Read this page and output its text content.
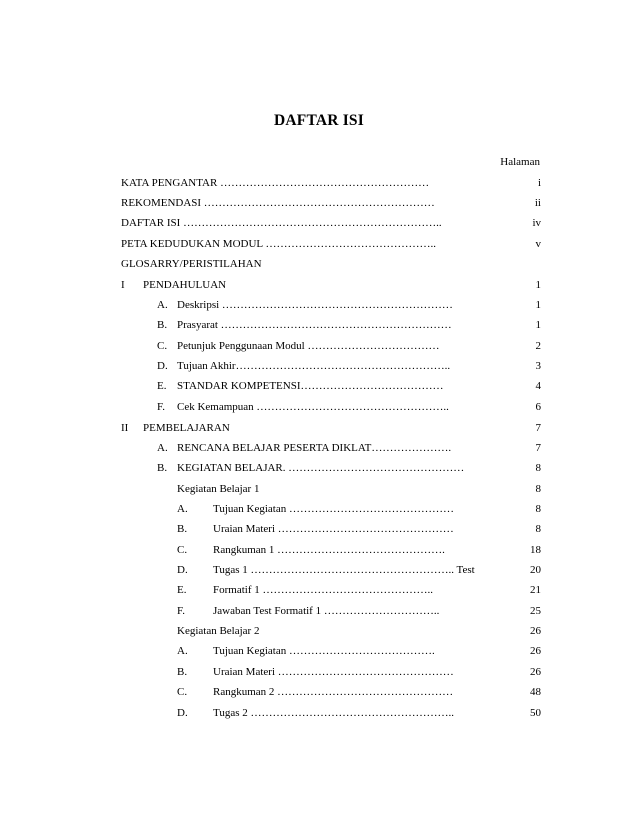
DAFTAR ISI
Halaman
KATA PENGANTAR …………………………………………………	i
REKOMENDASI ………………………………………………………	ii
DAFTAR ISI ……………………………………………………………..	iv
PETA KEDUDUKAN MODUL ………………………………………..	v
GLOSARRY/PERISTILAHAN
I	PENDAHULUAN	1
A. Deskripsi ………………………………………………………	1
B. Prasyarat ………………………………………………………	1
C. Petunjuk Penggunaan Modul ………………………………	2
D. Tujuan Akhir…………………………………………………..	3
E. STANDAR KOMPETENSI…………………………………	4
F.	Cek Kemampuan ……………………………………………..	6
II	PEMBELAJARAN	7
A. RENCANA BELAJAR PESERTA DIKLAT………………….	7
B. KEGIATAN BELAJAR. …………………………………………	8
Kegiatan Belajar 1	8
A.	Tujuan Kegiatan ………………………………………	8
B.	Uraian Materi …………………………………………	8
C.	Rangkuman 1 ……………………………………….	18
D.	Tugas 1 ……………………………………………….. Test	20
E.	Formatif 1 ………………………………………..	21
F.	Jawaban Test Formatif 1 …………………………..	25
Kegiatan Belajar 2	26
A.	Tujuan Kegiatan ………………………………….	26
B.	Uraian Materi …………………………………………	26
C.	Rangkuman 2 …………………………………………	48
D.	Tugas 2 ………………………………………………..	50
